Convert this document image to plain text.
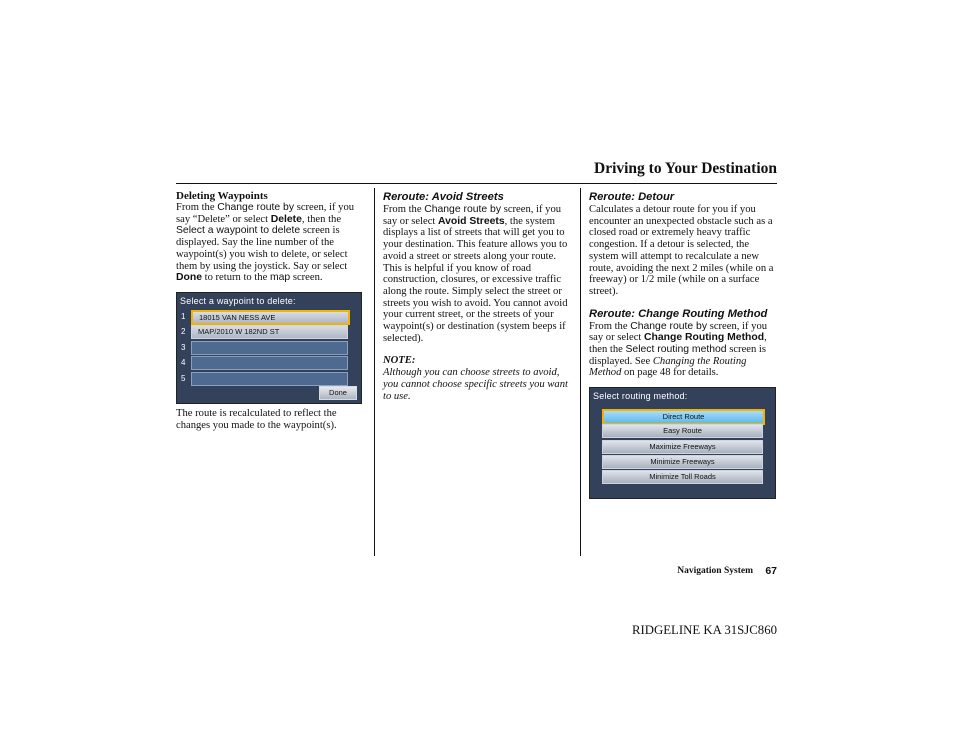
Driving to Your Destination
Deleting Waypoints

From the Change route by screen, if you say “Delete” or select Delete, then the Select a waypoint to delete screen is displayed. Say the line number of the waypoint(s) you wish to delete, or select them by using the joystick. Say or select Done to return to the map screen.

Select a waypoint to delete:
1	18015 VAN NESS AVE
2	MAP/2010 W 182ND ST
3
4
5
Done

The route is recalculated to reflect the changes you made to the waypoint(s).

Reroute: Avoid Streets

From the Change route by screen, if you say or select Avoid Streets, the system displays a list of streets that will get you to your destination. This feature allows you to avoid a street or streets along your route. This is helpful if you know of road construction, closures, or excessive traffic along the route. Simply select the street or streets you wish to avoid. You cannot avoid your current street, or the streets of your waypoint(s) or destination (system beeps if selected).

NOTE:

Although you can choose streets to avoid, you cannot choose specific streets you want to use.

Reroute: Detour

Calculates a detour route for you if you encounter an unexpected obstacle such as a closed road or extremely heavy traffic congestion. If a detour is selected, the system will attempt to recalculate a new route, avoiding the next 2 miles (while on a freeway) or 1/2 mile (while on a surface street).

Reroute: Change Routing Method

From the Change route by screen, if you say or select Change Routing Method, then the Select routing method screen is displayed. See Changing the Routing Method on page 48 for details.

Select routing method:
Direct Route
Easy Route
Maximize Freeways
Minimize Freeways
Minimize Toll Roads
Navigation System 67
RIDGELINE KA 31SJC860
